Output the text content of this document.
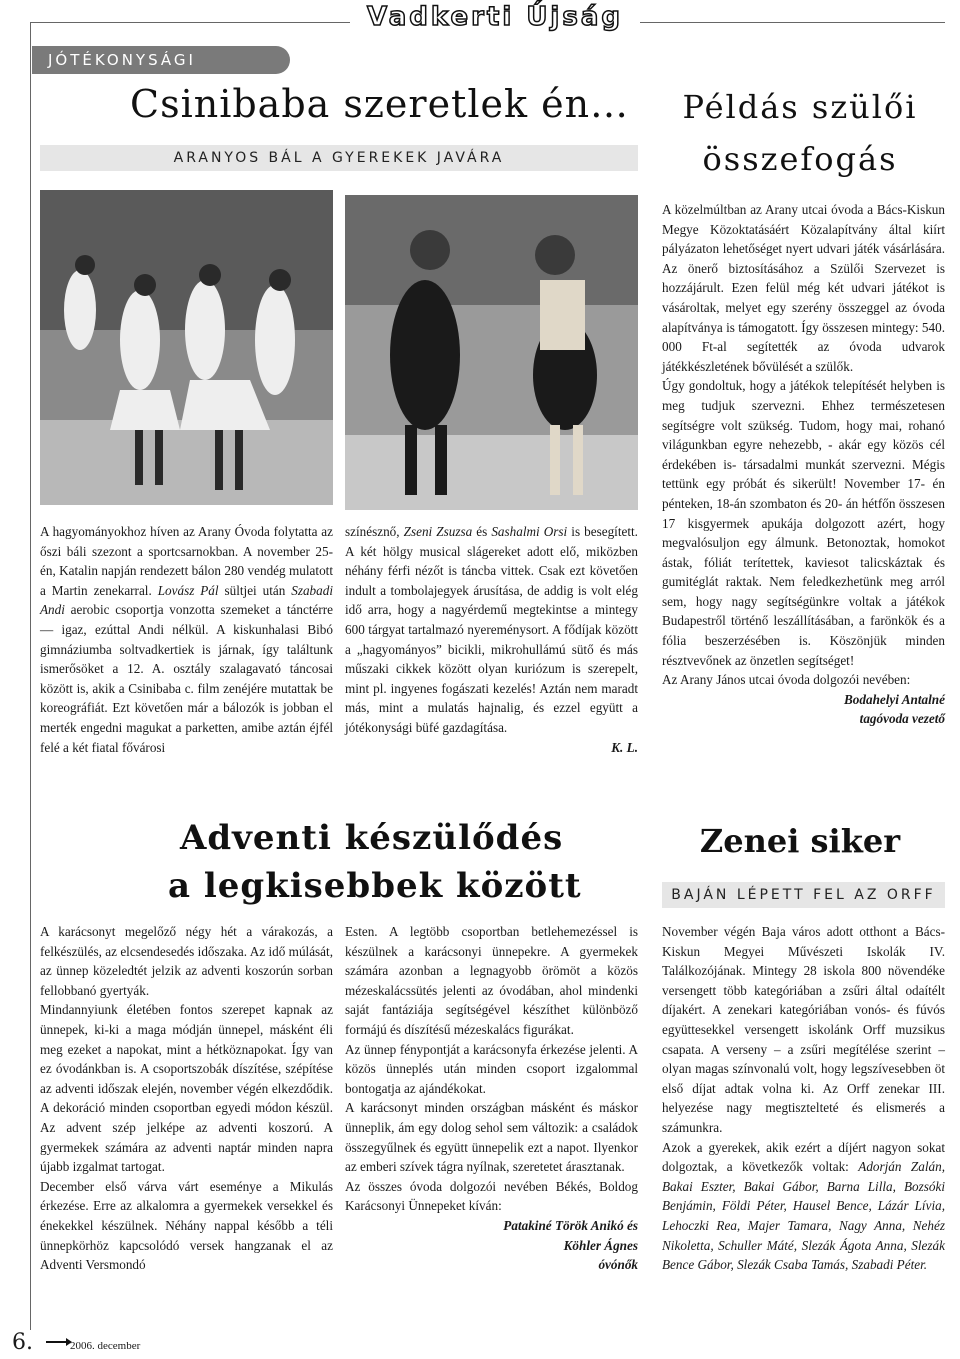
Vadkerti Újság
JÓTÉKONYSÁGI
Csinibaba szeretlek én…
ARANYOS BÁL A GYEREKEK JAVÁRA

A hagyományokhoz híven az Arany Óvoda folytatta az őszi báli szezont a sportcsarnokban. A november 25-én, Katalin napján rendezett bálon 280 vendég mulatott a Martin zenekarral. Lovász Pál sültjei után Szabadi Andi aerobic csoportja vonzotta szemeket a tánctérre — igaz, ezúttal Andi nélkül. A kiskunhalasi Bibó gimnáziumba soltvadkertiek is járnak, így találtunk ismerősöket a 12. A. osztály szalagavató táncosai között is, akik a Csinibaba c. film zenéjére mutattak be koreográfiát. Ezt követően már a bálozók is jobban el merték engedni magukat a parketten, amibe aztán éjfél felé a két fiatal fővárosi

színésznő, Zseni Zsuzsa és Sashalmi Orsi is besegített. A két hölgy musical slágereket adott elő, miközben néhány férfi nézőt is táncba vittek. Csak ezt követően indult a tombolajegyek árusítása, de addig is volt elég idő arra, hogy a nagyérdemű megtekintse a mintegy 600 tárgyat tartalmazó nyereménysort. A fődíjak között a „hagyományos” bicikli, mikrohullámú sütő és más műszaki cikkek között olyan kuriózum is szerepelt, mint pl. ingyenes fogászati kezelés! Aztán nem maradt más, mint a mulatás hajnalig, és ezzel együtt a jótékonysági büfé gazdagítása.

K. L.

Példás szülői
összefogás

A közelmúltban az Arany utcai óvoda a Bács-Kiskun Megye Közoktatásáért Közalapítvány által kiírt pályázaton lehetőséget nyert udvari játék vásárlására. Az önerő biztosításához a Szülői Szervezet is hozzájárult. Ezen felül még két udvari játékot is vásároltak, melyet egy szerény összeggel az óvoda alapítványa is támogatott. Így összesen mintegy: 540. 000 Ft-al segítették az óvoda udvarok játékkészletének bővülését a szülők.

Úgy gondoltuk, hogy a játékok telepítését helyben is meg tudjuk szervezni. Ehhez természetesen segítségre volt szükség. Tudom, hogy mai, rohanó világunkban egyre nehezebb, - akár egy közös cél érdekében is- társadalmi munkát szervezni. Mégis tettünk egy próbát és sikerült! November 17- én pénteken, 18-án szombaton és 20- án hétfőn összesen 17 kisgyermek apukája dolgozott azért, hogy megvalósuljon egy álmunk. Betonoztak, homokot ástak, fóliát terítettek, kaviesot talicskáztak és gumitéglát raktak. Nem feledkezhetünk meg arról sem, hogy nagy segítségünkre voltak a játékok Budapestről történő leszállításában, a farönkök és a fólia beszerzésében is. Köszönjük minden résztvevőnek az önzetlen segítséget!

Az Arany János utcai óvoda dolgozói nevében:

Bodahelyi Antalné

tagóvoda vezető

Adventi készülődés
a legkisebbek között

A karácsonyt megelőző négy hét a várakozás, a felkészülés, az elcsendesedés időszaka. Az idő múlását, az ünnep közeledtét jelzik az adventi koszorún sorban fellobbanó gyertyák.

Mindannyiunk életében fontos szerepet kapnak az ünnepek, ki-ki a maga módján ünnepel, másként éli meg ezeket a napokat, mint a hétköznapokat. Így van ez óvodánkban is. A csoportszobák díszítése, szépítése az adventi időszak elején, november végén elkezdődik. A dekoráció minden csoportban egyedi módon készül. Az advent szép jelképe az adventi koszorú. A gyermekek számára az adventi naptár minden napra újabb izgalmat tartogat.

December első várva várt eseménye a Mikulás érkezése. Erre az alkalomra a gyermekek versekkel és énekekkel készülnek. Néhány nappal később a téli ünnepkörhöz kapcsolódó versek hangzanak el az Adventi Versmondó

Esten. A legtöbb csoportban betlehemezéssel is készülnek a karácsonyi ünnepekre. A gyermekek számára azonban a legnagyobb örömöt a közös mézeskalácssütés jelenti az óvodában, ahol mindenki saját fantáziája segítségével készíthet különböző formájú és díszítésű mézeskalács figurákat.

Az ünnep fénypontját a karácsonyfa érkezése jelenti. A közös ünneplés után minden csoport izgalommal bontogatja az ajándékokat.

A karácsonyt minden országban másként és máskor ünneplik, ám egy dolog sehol sem változik: a családok összegyűlnek és együtt ünnepelik ezt a napot. Ilyenkor az emberi szívek tágra nyílnak, szeretetet árasztanak.

Az összes óvoda dolgozói nevében Békés, Boldog Karácsonyi Ünnepeket kíván:

Patakiné Török Anikó és

Köhler Ágnes

óvónők

Zenei siker
BAJÁN LÉPETT FEL AZ ORFF

November végén Baja város adott otthont a Bács-Kiskun Megyei Művészeti Iskolák IV. Találkozójának. Mintegy 28 iskola 800 növendéke versengett több kategóriában a zsűri által odaítélt díjakért. A zenekari kategóriában vonós- és fúvós együttesekkel versengett iskolánk Orff muzsikus csapata. A verseny – a zsűri megítélése szerint – olyan magas színvonalú volt, hogy legszívesebben öt első díjat adtak volna ki. Az Orff zenekar III. helyezése nagy megtisztelteté és elismerés a számunkra.

Azok a gyerekek, akik ezért a díjért nagyon sokat dolgoztak, a következők voltak: Adorján Zalán, Bakai Eszter, Bakai Gábor, Barna Lilla, Bozsóki Benjámin, Földi Péter, Hausel Bence, Lázár Lívia, Lehoczki Rea, Majer Tamara, Nagy Anna, Nehéz Nikoletta, Schuller Máté, Slezák Ágota Anna, Slezák Bence Gábor, Slezák Csaba Tamás, Szabadi Péter.

6.	2006. december
